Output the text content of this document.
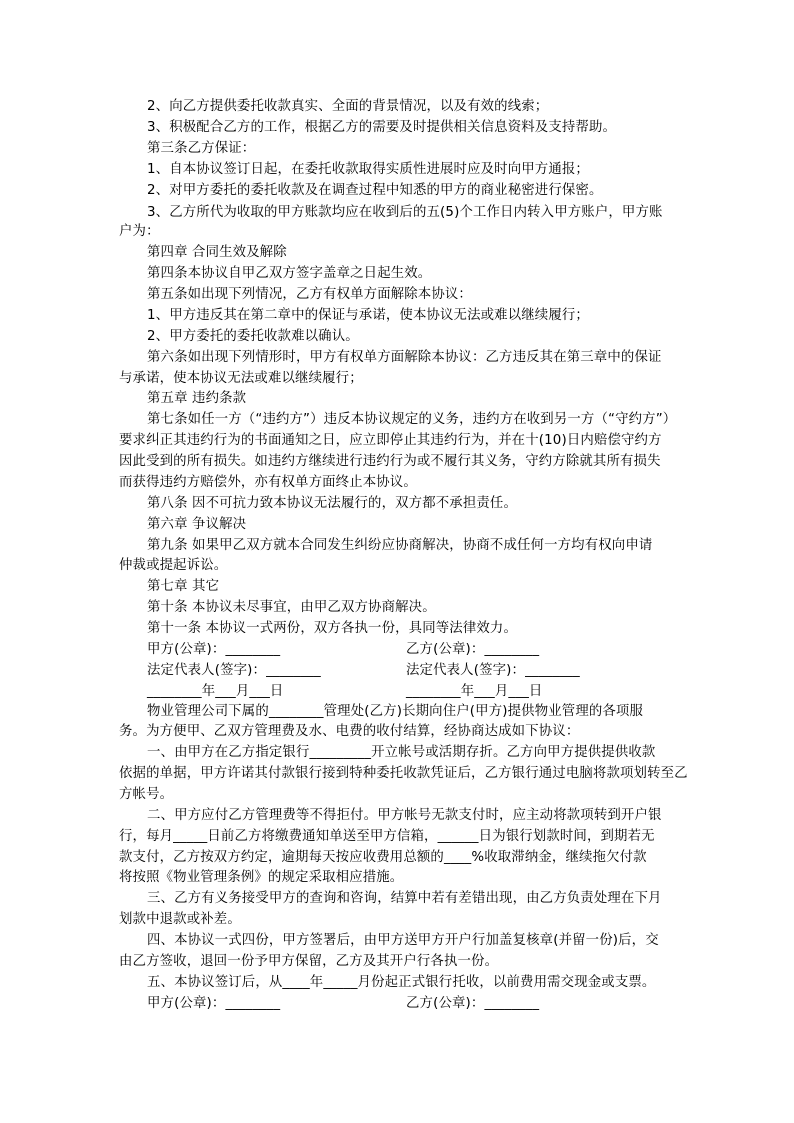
2、向乙方提供委托收款真实、全面的背景情况，以及有效的线索；
3、积极配合乙方的工作，根据乙方的需要及时提供相关信息资料及支持帮助。
第三条乙方保证：
1、自本协议签订日起，在委托收款取得实质性进展时应及时向甲方通报；
2、对甲方委托的委托收款及在调查过程中知悉的甲方的商业秘密进行保密。
3、乙方所代为收取的甲方账款均应在收到后的五(5)个工作日内转入甲方账户，甲方账
户为：
第四章 合同生效及解除
第四条本协议自甲乙双方签字盖章之日起生效。
第五条如出现下列情况，乙方有权单方面解除本协议：
1、甲方违反其在第二章中的保证与承诺，使本协议无法或难以继续履行；
2、甲方委托的委托收款难以确认。
第六条如出现下列情形时，甲方有权单方面解除本协议：乙方违反其在第三章中的保证
与承诺，使本协议无法或难以继续履行；
第五章 违约条款
第七条如任一方（“违约方”）违反本协议规定的义务，违约方在收到另一方（“守约方”）
要求纠正其违约行为的书面通知之日，应立即停止其违约行为，并在十(10)日内赔偿守约方
因此受到的所有损失。如违约方继续进行违约行为或不履行其义务，守约方除就其所有损失
而获得违约方赔偿外，亦有权单方面终止本协议。
第八条 因不可抗力致本协议无法履行的，双方都不承担责任。
第六章 争议解决
第九条 如果甲乙双方就本合同发生纠纷应协商解决，协商不成任何一方均有权向申请
仲裁或提起诉讼。
第七章 其它
第十条 本协议未尽事宜，由甲乙双方协商解决。
第十一条 本协议一式两份，双方各执一份，具同等法律效力。
甲方(公章)：________	乙方(公章)：________
法定代表人(签字)：________	法定代表人(签字)：________
________年___月___日	________年___月___日
物业管理公司下属的________管理处(乙方)长期向住户(甲方)提供物业管理的各项服
务。为方便甲、乙双方管理费及水、电费的收付结算，经协商达成如下协议：
一、由甲方在乙方指定银行_________开立帐号或活期存折。乙方向甲方提供提供收款
依据的单据，甲方许诺其付款银行接到特种委托收款凭证后，乙方银行通过电脑将款项划转至乙
方帐号。
二、甲方应付乙方管理费等不得拒付。甲方帐号无款支付时，应主动将款项转到开户银
行，每月_____日前乙方将缴费通知单送至甲方信箱，______日为银行划款时间，到期若无
款支付，乙方按双方约定，逾期每天按应收费用总额的____%收取滞纳金，继续拖欠付款
将按照《物业管理条例》的规定采取相应措施。
三、乙方有义务接受甲方的查询和咨询，结算中若有差错出现，由乙方负责处理在下月
划款中退款或补差。
四、本协议一式四份，甲方签署后，由甲方送甲方开户行加盖复核章(并留一份)后，交
由乙方签收，退回一份予甲方保留，乙方及其开户行各执一份。
五、本协议签订后，从____年_____月份起正式银行托收，以前费用需交现金或支票。
甲方(公章)：________	乙方(公章)：________
